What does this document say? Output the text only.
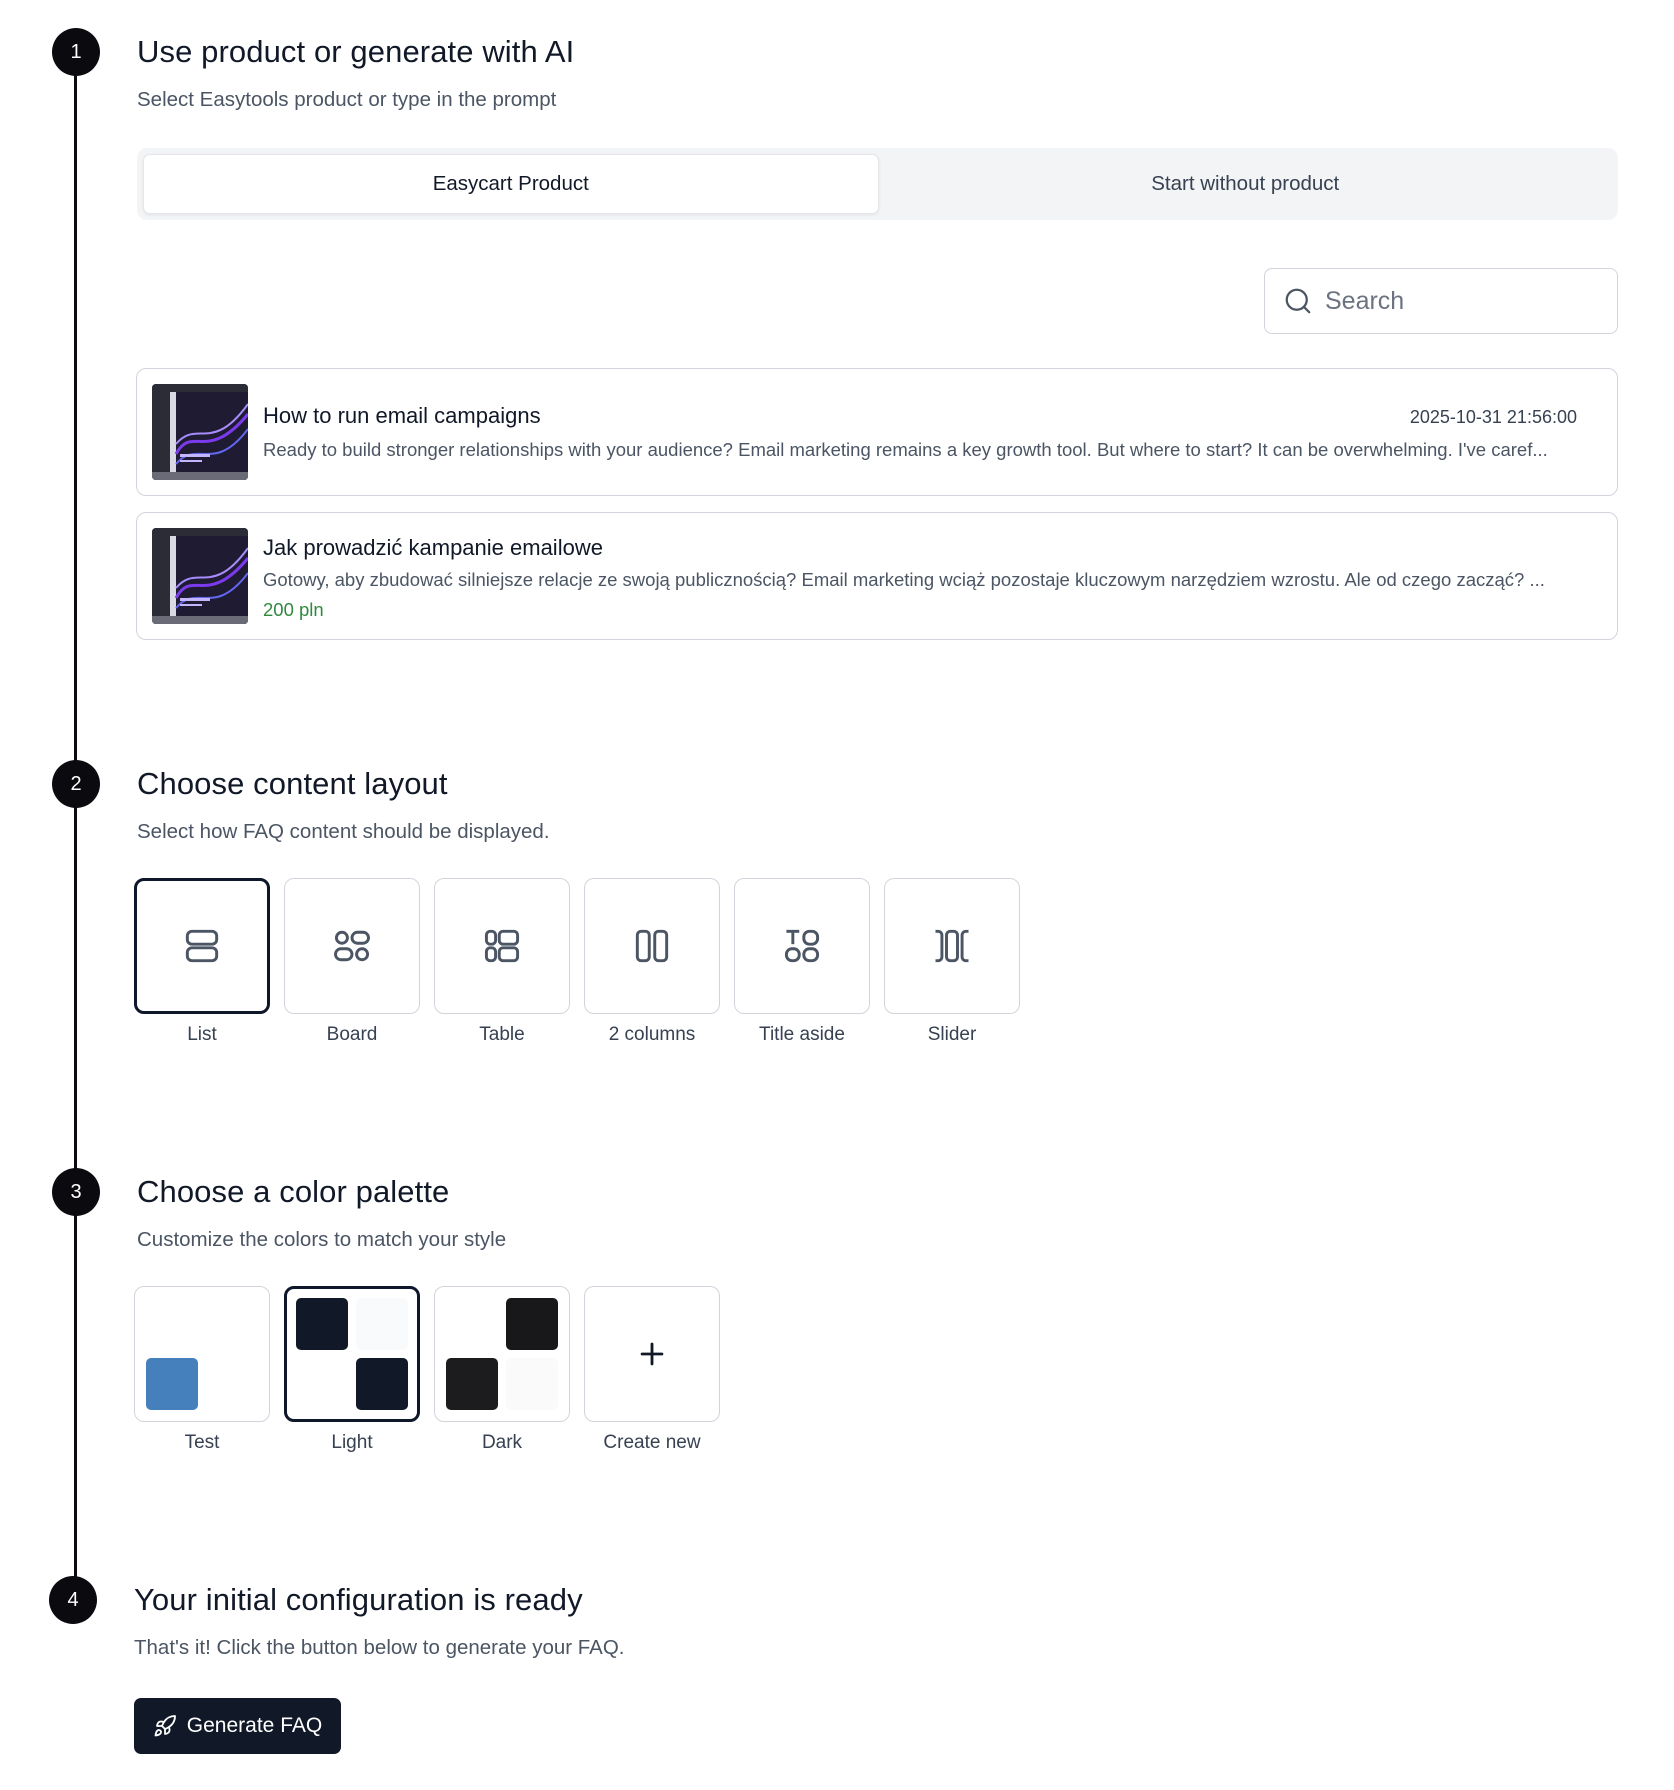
1	Use product or generate with AI
Select Easytools product or type in the prompt
Easycart Product	Start without product
Search
How to run email campaigns	2025-10-31 21:56:00
Ready to build stronger relationships with your audience? Email marketing remains a key growth tool. But where to start? It can be overwhelming. I've caref...
Jak prowadzić kampanie emailowe
Gotowy, aby zbudować silniejsze relacje ze swoją publicznością? Email marketing wciąż pozostaje kluczowym narzędziem wzrostu. Ale od czego zacząć? ...
200 pln
2	Choose content layout
Select how FAQ content should be displayed.
List	Board	Table	2 columns	Title aside	Slider
3	Choose a color palette
Customize the colors to match your style
Test	Light	Dark	Create new
4	Your initial configuration is ready
That's it! Click the button below to generate your FAQ.
Generate FAQ
